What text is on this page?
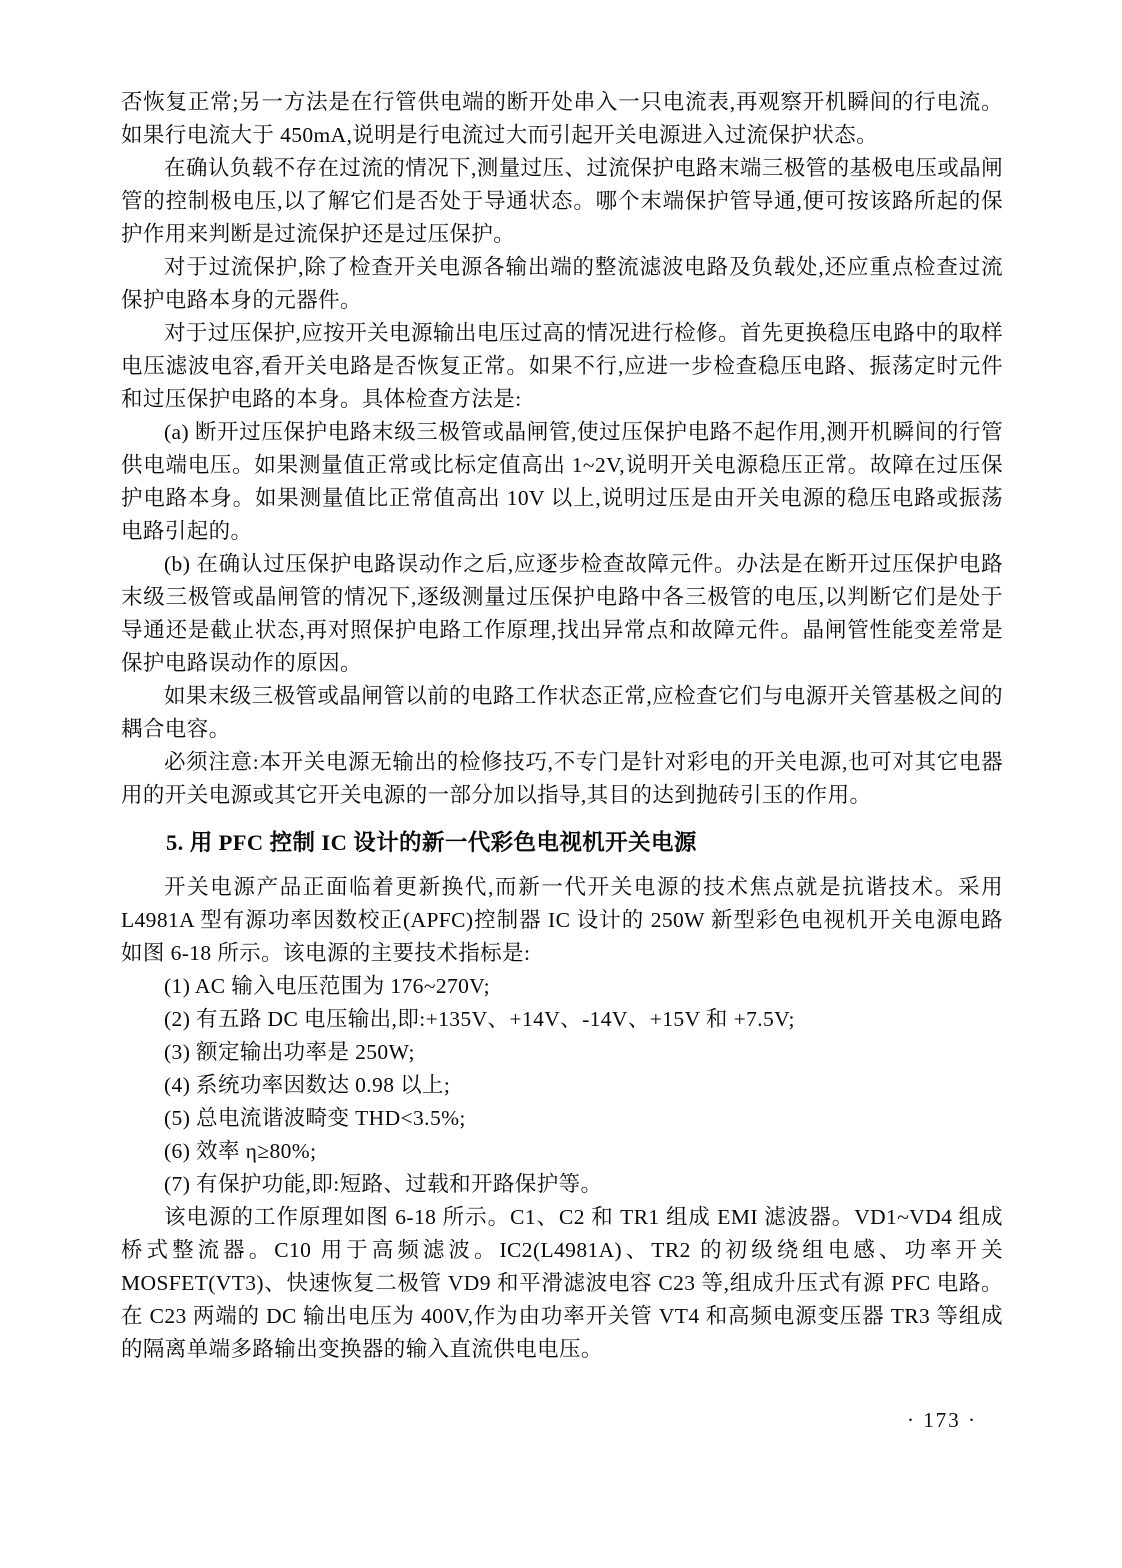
否恢复正常;另一方法是在行管供电端的断开处串入一只电流表,再观察开机瞬间的行电流。如果行电流大于 450mA,说明是行电流过大而引起开关电源进入过流保护状态。

在确认负载不存在过流的情况下,测量过压、过流保护电路末端三极管的基极电压或晶闸管的控制极电压,以了解它们是否处于导通状态。哪个末端保护管导通,便可按该路所起的保护作用来判断是过流保护还是过压保护。

对于过流保护,除了检查开关电源各输出端的整流滤波电路及负载处,还应重点检查过流保护电路本身的元器件。

对于过压保护,应按开关电源输出电压过高的情况进行检修。首先更换稳压电路中的取样电压滤波电容,看开关电路是否恢复正常。如果不行,应进一步检查稳压电路、振荡定时元件和过压保护电路的本身。具体检查方法是:

(a) 断开过压保护电路末级三极管或晶闸管,使过压保护电路不起作用,测开机瞬间的行管供电端电压。如果测量值正常或比标定值高出 1~2V,说明开关电源稳压正常。故障在过压保护电路本身。如果测量值比正常值高出 10V 以上,说明过压是由开关电源的稳压电路或振荡电路引起的。

(b) 在确认过压保护电路误动作之后,应逐步检查故障元件。办法是在断开过压保护电路末级三极管或晶闸管的情况下,逐级测量过压保护电路中各三极管的电压,以判断它们是处于导通还是截止状态,再对照保护电路工作原理,找出异常点和故障元件。晶闸管性能变差常是保护电路误动作的原因。

如果末级三极管或晶闸管以前的电路工作状态正常,应检查它们与电源开关管基极之间的耦合电容。

必须注意:本开关电源无输出的检修技巧,不专门是针对彩电的开关电源,也可对其它电器用的开关电源或其它开关电源的一部分加以指导,其目的达到抛砖引玉的作用。

5. 用 PFC 控制 IC 设计的新一代彩色电视机开关电源

开关电源产品正面临着更新换代,而新一代开关电源的技术焦点就是抗谐技术。采用 L4981A 型有源功率因数校正(APFC)控制器 IC 设计的 250W 新型彩色电视机开关电源电路如图 6-18 所示。该电源的主要技术指标是:

(1) AC 输入电压范围为 176~270V;

(2) 有五路 DC 电压输出,即:+135V、+14V、-14V、+15V 和 +7.5V;

(3) 额定输出功率是 250W;

(4) 系统功率因数达 0.98 以上;

(5) 总电流谐波畸变 THD<3.5%;

(6) 效率 η≥80%;

(7) 有保护功能,即:短路、过载和开路保护等。

该电源的工作原理如图 6-18 所示。C1、C2 和 TR1 组成 EMI 滤波器。VD1~VD4 组成桥式整流器。C10 用于高频滤波。IC2(L4981A)、TR2 的初级绕组电感、功率开关 MOSFET(VT3)、快速恢复二极管 VD9 和平滑滤波电容 C23 等,组成升压式有源 PFC 电路。在 C23 两端的 DC 输出电压为 400V,作为由功率开关管 VT4 和高频电源变压器 TR3 等组成的隔离单端多路输出变换器的输入直流供电电压。

· 173 ·
